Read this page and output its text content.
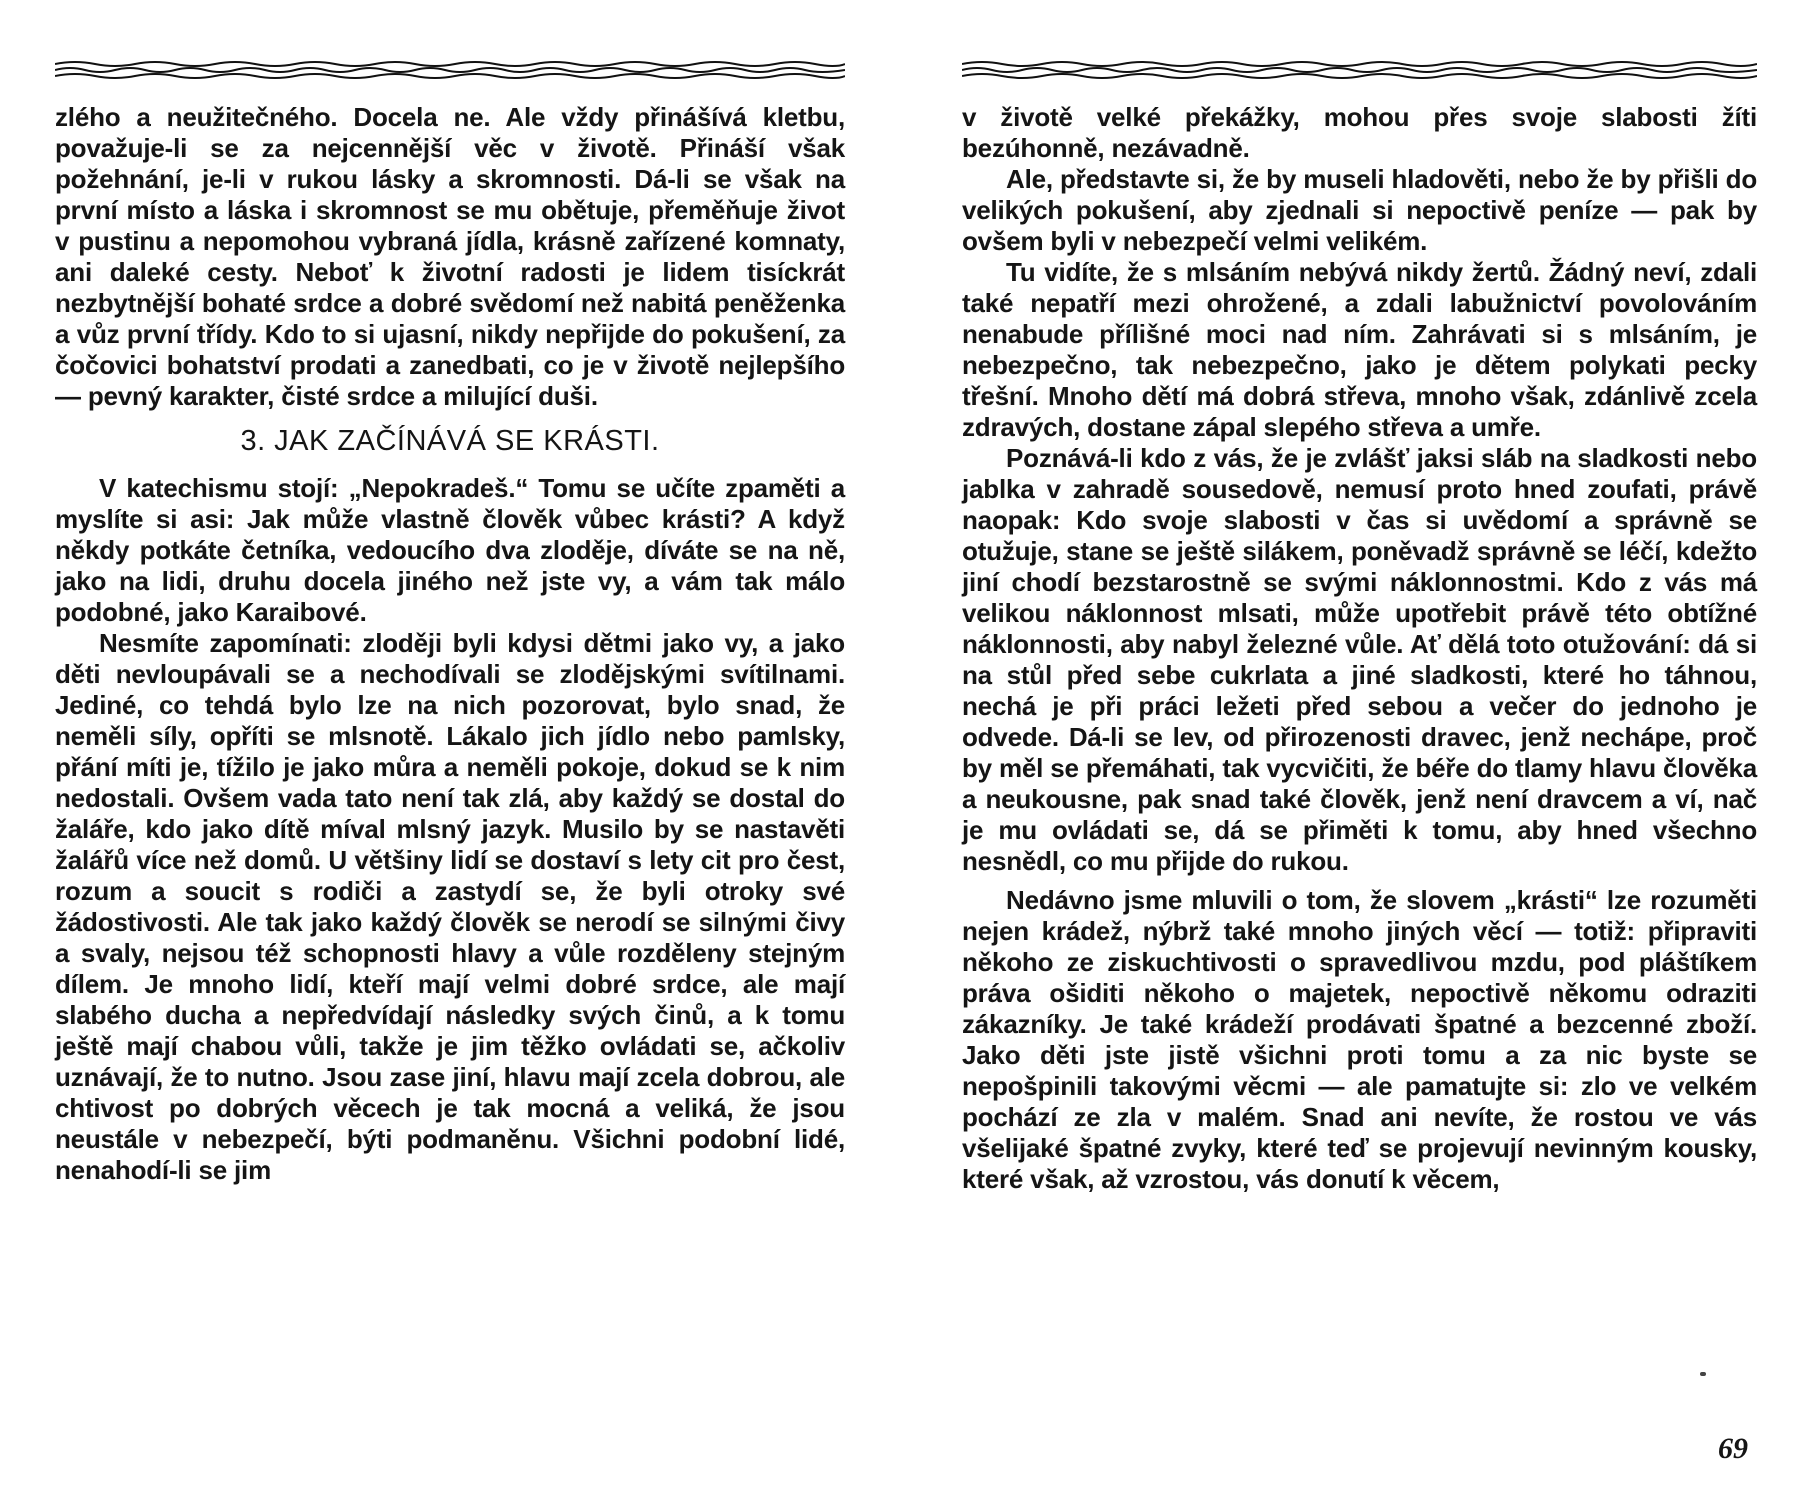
zlého a neužitečného. Docela ne. Ale vždy přinášívá kletbu, považuje-li se za nejcennější věc v životě. Přináší však požehnání, je-li v rukou lásky a skromnosti. Dá-li se však na první místo a láska i skromnost se mu obětuje, přeměňuje život v pustinu a nepomohou vybraná jídla, krásně zařízené komnaty, ani daleké cesty. Neboť k životní radosti je lidem tisíckrát nezbytnější bohaté srdce a dobré svědomí než nabitá peněženka a vůz první třídy. Kdo to si ujasní, nikdy nepřijde do pokušení, za čočovici bohatství prodati a zanedbati, co je v životě nejlepšího — pevný karakter, čisté srdce a milující duši.

3. JAK ZAČÍNÁVÁ SE KRÁSTI.

V katechismu stojí: „Nepokradeš.“ Tomu se učíte zpaměti a myslíte si asi: Jak může vlastně člověk vůbec krásti? A když někdy potkáte četníka, vedoucího dva zloděje, díváte se na ně, jako na lidi, druhu docela jiného než jste vy, a vám tak málo podobné, jako Karaibové.

Nesmíte zapomínati: zloději byli kdysi dětmi jako vy, a jako děti nevloupávali se a nechodívali se zlodějskými svítilnami. Jediné, co tehdá bylo lze na nich pozorovat, bylo snad, že neměli síly, opříti se mlsnotě. Lákalo jich jídlo nebo pamlsky, přání míti je, tížilo je jako můra a neměli pokoje, dokud se k nim nedostali. Ovšem vada tato není tak zlá, aby každý se dostal do žaláře, kdo jako dítě míval mlsný jazyk. Musilo by se nastavěti žalářů více než domů. U většiny lidí se dostaví s lety cit pro čest, rozum a soucit s rodiči a zastydí se, že byli otroky své žádostivosti. Ale tak jako každý člověk se nerodí se silnými čivy a svaly, nejsou též schopnosti hlavy a vůle rozděleny stejným dílem. Je mnoho lidí, kteří mají velmi dobré srdce, ale mají slabého ducha a nepředvídají následky svých činů, a k tomu ještě mají chabou vůli, takže je jim těžko ovládati se, ačkoliv uznávají, že to nutno. Jsou zase jiní, hlavu mají zcela dobrou, ale chtivost po dobrých věcech je tak mocná a veliká, že jsou neustále v nebezpečí, býti podmaněnu. Všichni podobní lidé, nenahodí-li se jim

v životě velké překážky, mohou přes svoje slabosti žíti bezúhonně, nezávadně.

Ale, představte si, že by museli hladověti, nebo že by přišli do velikých pokušení, aby zjednali si nepoctivě peníze — pak by ovšem byli v nebezpečí velmi velikém.

Tu vidíte, že s mlsáním nebývá nikdy žertů. Žádný neví, zdali také nepatří mezi ohrožené, a zdali labužnictví povolováním nenabude přílišné moci nad ním. Zahrávati si s mlsáním, je nebezpečno, tak nebezpečno, jako je dětem polykati pecky třešní. Mnoho dětí má dobrá střeva, mnoho však, zdánlivě zcela zdravých, dostane zápal slepého střeva a umře.

Poznává-li kdo z vás, že je zvlášť jaksi sláb na sladkosti nebo jablka v zahradě sousedově, nemusí proto hned zoufati, právě naopak: Kdo svoje slabosti v čas si uvědomí a správně se otužuje, stane se ještě silákem, poněvadž správně se léčí, kdežto jiní chodí bezstarostně se svými náklonnostmi. Kdo z vás má velikou náklonnost mlsati, může upotřebit právě této obtížné náklonnosti, aby nabyl železné vůle. Ať dělá toto otužování: dá si na stůl před sebe cukrlata a jiné sladkosti, které ho táhnou, nechá je při práci ležeti před sebou a večer do jednoho je odvede. Dá-li se lev, od přirozenosti dravec, jenž nechápe, proč by měl se přemáhati, tak vycvičiti, že béře do tlamy hlavu člověka a neukousne, pak snad také člověk, jenž není dravcem a ví, nač je mu ovládati se, dá se přiměti k tomu, aby hned všechno nesnědl, co mu přijde do rukou.

Nedávno jsme mluvili o tom, že slovem „krásti“ lze rozuměti nejen krádež, nýbrž také mnoho jiných věcí — totiž: připraviti někoho ze ziskuchtivosti o spravedlivou mzdu, pod pláštíkem práva ošiditi někoho o majetek, nepoctivě někomu odraziti zákazníky. Je také krádeží prodávati špatné a bezcenné zboží. Jako děti jste jistě všichni proti tomu a za nic byste se nepošpinili takovými věcmi — ale pamatujte si: zlo ve velkém pochází ze zla v malém. Snad ani nevíte, že rostou ve vás všelijaké špatné zvyky, které teď se projevují nevinným kousky, které však, až vzrostou, vás donutí k věcem,

69
